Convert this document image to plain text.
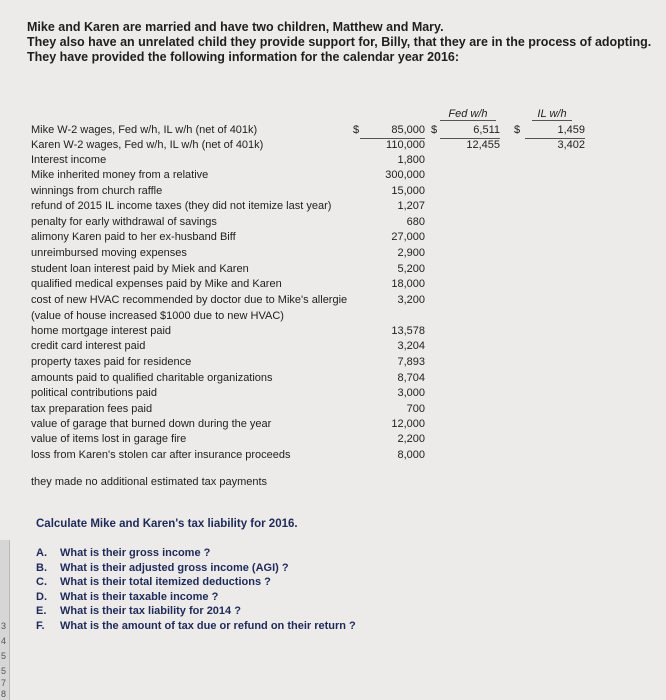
3
4
5
5
7
8
Mike and Karen are married and have two children, Matthew and Mary.
They also have an unrelated child they provide support for, Billy, that they are in the process of adopting.
They have provided the following information for the calendar year 2016:
Fed w/h	IL w/h
Mike W-2 wages, Fed w/h, IL w/h (net of 401k)	$	85,000 $	6,511 $	1,459
Karen W-2 wages, Fed w/h, IL w/h (net of 401k)	110,000	12,455	3,402
Interest income	1,800
Mike inherited money from a relative	300,000
winnings from church raffle	15,000
refund of 2015 IL income taxes (they did not itemize last year)	1,207
penalty for early withdrawal of savings	680
alimony Karen paid to her ex-husband Biff	27,000
unreimbursed moving expenses	2,900
student loan interest paid by Miek and Karen	5,200
qualified medical expenses paid by Mike and Karen	18,000
cost of new HVAC recommended by doctor due to Mike's allergie	3,200
(value of house increased $1000 due to new HVAC)
home mortgage interest paid	13,578
credit card interest paid	3,204
property taxes paid for residence	7,893
amounts paid to qualified charitable organizations	8,704
political contributions paid	3,000
tax preparation fees paid	700
value of garage that burned down during the year	12,000
value of items lost in garage fire	2,200
loss from Karen's stolen car after insurance proceeds	8,000
they made no additional estimated tax payments
Calculate Mike and Karen's tax liability for 2016.
A. What is their gross income ?
B. What is their adjusted gross income (AGI) ?
C. What is their total itemized deductions ?
D. What is their taxable income ?
E. What is their tax liability for 2014 ?
F. What is the amount of tax due or refund on their return ?
